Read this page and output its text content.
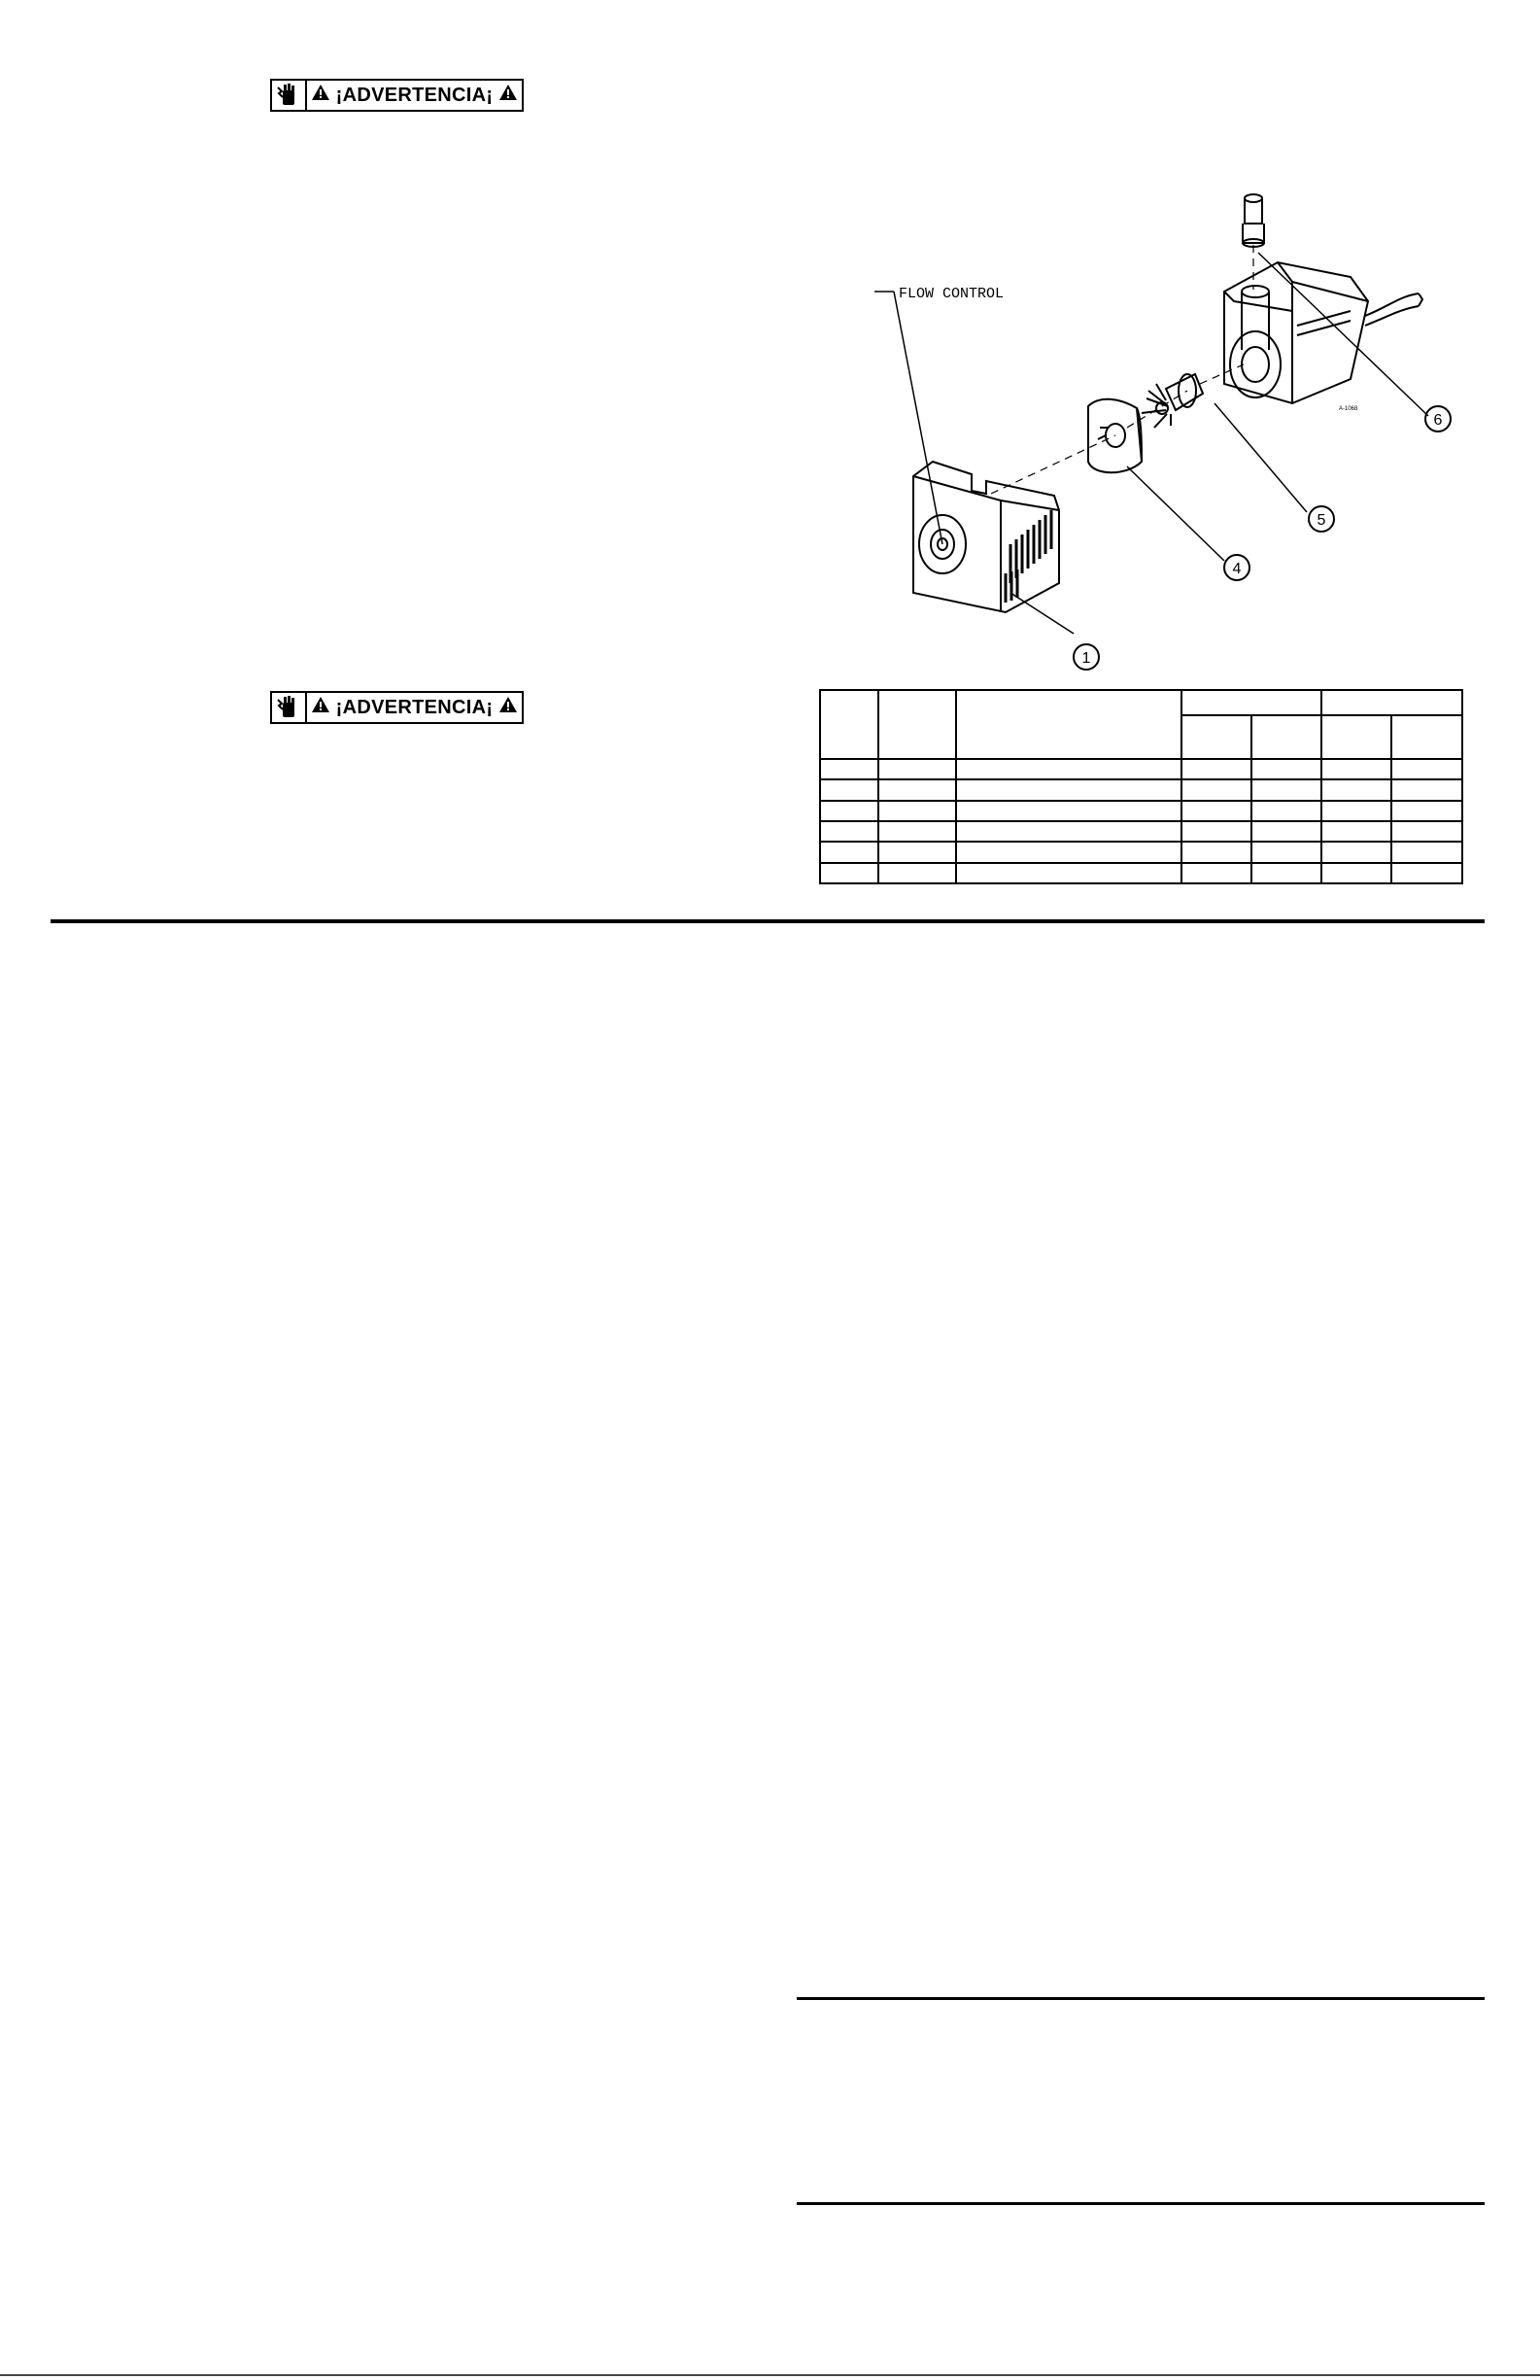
¡ADVERTENCIA¡
¡ADVERTENCIA¡
1
4
5
6
FLOW CONTROL
A-1068
